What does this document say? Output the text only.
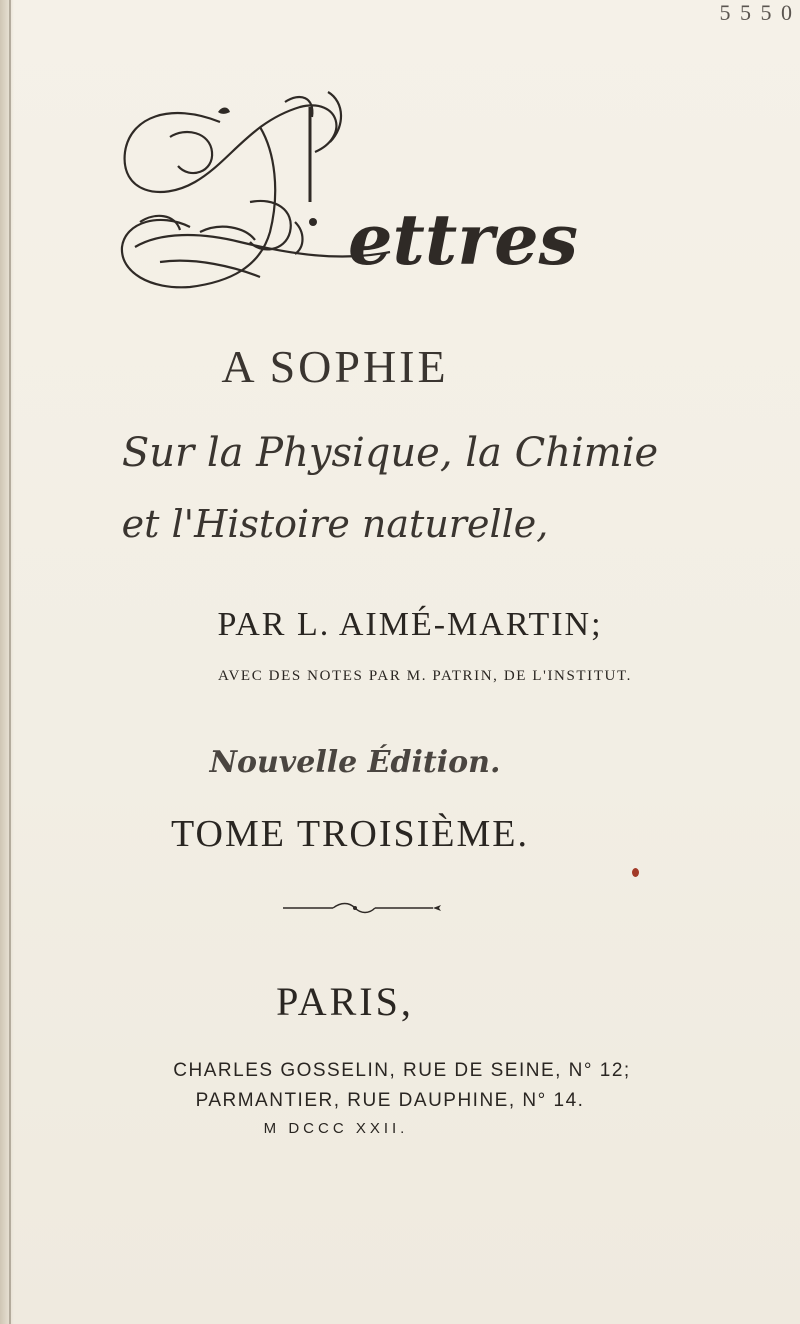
5 5 5 0
ettres
A SOPHIE
Sur la Physique, la Chimie
et l'Histoire naturelle,
PAR L. AIMÉ-MARTIN;
AVEC DES NOTES PAR M. PATRIN, DE L'INSTITUT.
Nouvelle Édition.
TOME TROISIÈME.
PARIS,
CHARLES GOSSELIN, RUE DE SEINE, N° 12;
PARMANTIER, RUE DAUPHINE, N° 14.
M DCCC XXII.
